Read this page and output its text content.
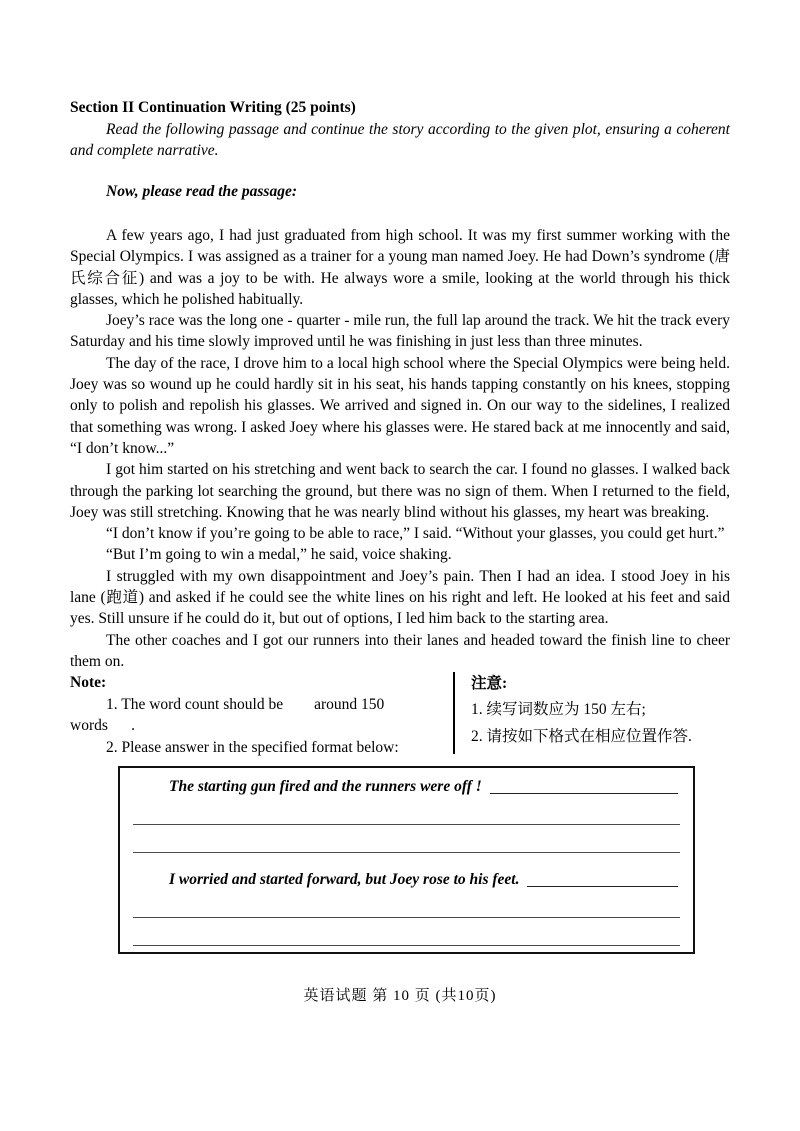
Section II Continuation Writing (25 points)

Read the following passage and continue the story according to the given plot, ensuring a coherent and complete narrative.

Now, please read the passage:

A few years ago, I had just graduated from high school. It was my first summer working with the Special Olympics. I was assigned as a trainer for a young man named Joey. He had Down’s syndrome (唐氏综合征) and was a joy to be with. He always wore a smile, looking at the world through his thick glasses, which he polished habitually.

Joey’s race was the long one - quarter - mile run, the full lap around the track. We hit the track every Saturday and his time slowly improved until he was finishing in just less than three minutes.

The day of the race, I drove him to a local high school where the Special Olympics were being held. Joey was so wound up he could hardly sit in his seat, his hands tapping constantly on his knees, stopping only to polish and repolish his glasses. We arrived and signed in. On our way to the sidelines, I realized that something was wrong. I asked Joey where his glasses were. He stared back at me innocently and said, “I don’t know...”

I got him started on his stretching and went back to search the car. I found no glasses. I walked back through the parking lot searching the ground, but there was no sign of them. When I returned to the field, Joey was still stretching. Knowing that he was nearly blind without his glasses, my heart was breaking.

“I don’t know if you’re going to be able to race,” I said. “Without your glasses, you could get hurt.”

“But I’m going to win a medal,” he said, voice shaking.

I struggled with my own disappointment and Joey’s pain. Then I had an idea. I stood Joey in his lane (跑道) and asked if he could see the white lines on his right and left. He looked at his feet and said yes. Still unsure if he could do it, but out of options, I led him back to the starting area.

The other coaches and I got our runners into their lanes and headed toward the finish line to cheer them on.

Note:
1. The word count should be        around 150
words      .
2. Please answer in the specified format below:
注意:
1. 续写词数应为 150 左右;
2. 请按如下格式在相应位置作答.
The starting gun fired and the runners were off !
I worried and started forward, but Joey rose to his feet.
英语试题 第 10 页 (共10页)
